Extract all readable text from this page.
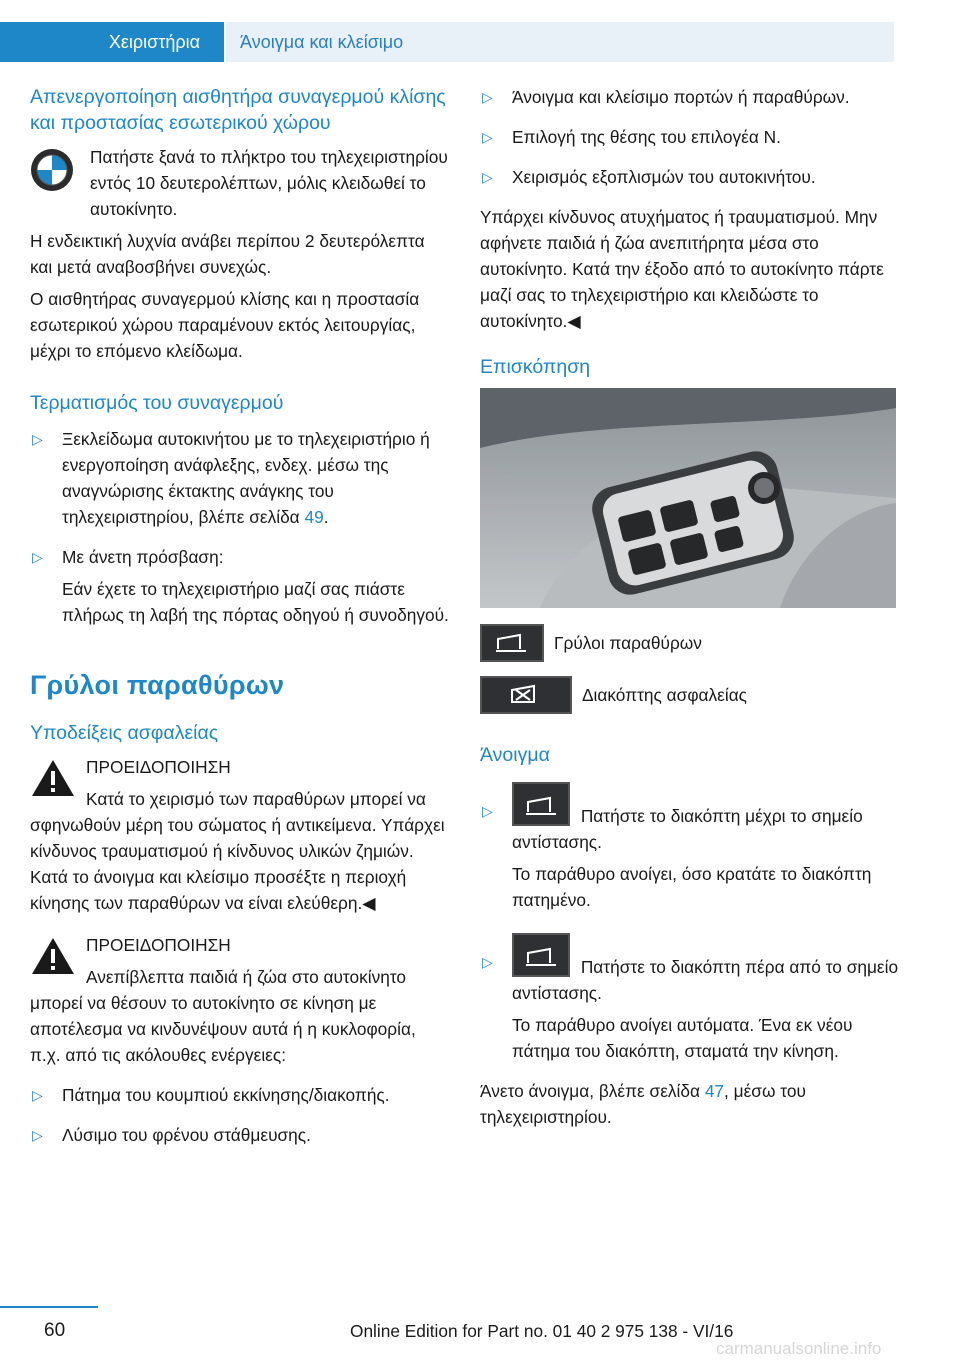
Χειριστήρια	Άνοιγμα και κλείσιμο
Απενεργοποίηση αισθητήρα συναγερμού κλίσης και προστασίας εσωτερικού χώρου

Πατήστε ξανά το πλήκτρο του τηλεχειριστηρίου εντός 10 δευτερολέπτων, μόλις κλειδωθεί το αυτοκίνητο.

Η ενδεικτική λυχνία ανάβει περίπου 2 δευτερόλεπτα και μετά αναβοσβήνει συνεχώς.

Ο αισθητήρας συναγερμού κλίσης και η προστασία εσωτερικού χώρου παραμένουν εκτός λειτουργίας, μέχρι το επόμενο κλείδωμα.

Τερματισμός του συναγερμού
▷	Ξεκλείδωμα αυτοκινήτου με το τηλεχειριστήριο ή ενεργοποίηση ανάφλεξης, ενδεχ. μέσω της αναγνώρισης έκτακτης ανάγκης του τηλεχειριστηρίου, βλέπε σελίδα 49.

▷	Με άνετη πρόσβαση:

Εάν έχετε το τηλεχειριστήριο μαζί σας πιάστε πλήρως τη λαβή της πόρτας οδηγού ή συνοδηγού.

Γρύλοι παραθύρων
Υποδείξεις ασφαλείας

ΠΡΟΕΙΔΟΠΟΙΗΣΗ

Κατά το χειρισμό των παραθύρων μπορεί να σφηνωθούν μέρη του σώματος ή αντικείμενα. Υπάρχει κίνδυνος τραυματισμού ή κίνδυνος υλικών ζημιών. Κατά το άνοιγμα και κλείσιμο προσέξτε η περιοχή κίνησης των παραθύρων να είναι ελεύθερη.◀

ΠΡΟΕΙΔΟΠΟΙΗΣΗ

Ανεπίβλεπτα παιδιά ή ζώα στο αυτοκίνητο μπορεί να θέσουν το αυτοκίνητο σε κίνηση με αποτέλεσμα να κινδυνέψουν αυτά ή η κυκλοφορία, π.χ. από τις ακόλουθες ενέργειες:

▷	Πάτημα του κουμπιού εκκίνησης/διακοπής.

▷	Λύσιμο του φρένου στάθμευσης.

▷	Άνοιγμα και κλείσιμο πορτών ή παραθύρων.

▷	Επιλογή της θέσης του επιλογέα N.

▷	Χειρισμός εξοπλισμών του αυτοκινήτου.

Υπάρχει κίνδυνος ατυχήματος ή τραυματισμού. Μην αφήνετε παιδιά ή ζώα ανεπιτήρητα μέσα στο αυτοκίνητο. Κατά την έξοδο από το αυτοκίνητο πάρτε μαζί σας το τηλεχειριστήριο και κλειδώστε το αυτοκίνητο.◀

Επισκόπηση
Γρύλοι παραθύρων
Διακόπτης ασφαλείας
Άνοιγμα
▷	Πατήστε το διακόπτη μέχρι το σημείο αντίστασης.

Το παράθυρο ανοίγει, όσο κρατάτε το διακόπτη πατημένο.

▷	Πατήστε το διακόπτη πέρα από το σημείο αντίστασης.

Το παράθυρο ανοίγει αυτόματα. Ένα εκ νέου πάτημα του διακόπτη, σταματά την κίνηση.

Άνετο άνοιγμα, βλέπε σελίδα 47, μέσω του τηλεχειριστηρίου.

60	Online Edition for Part no. 01 40 2 975 138 - VI/16
carmanualsonline.info
